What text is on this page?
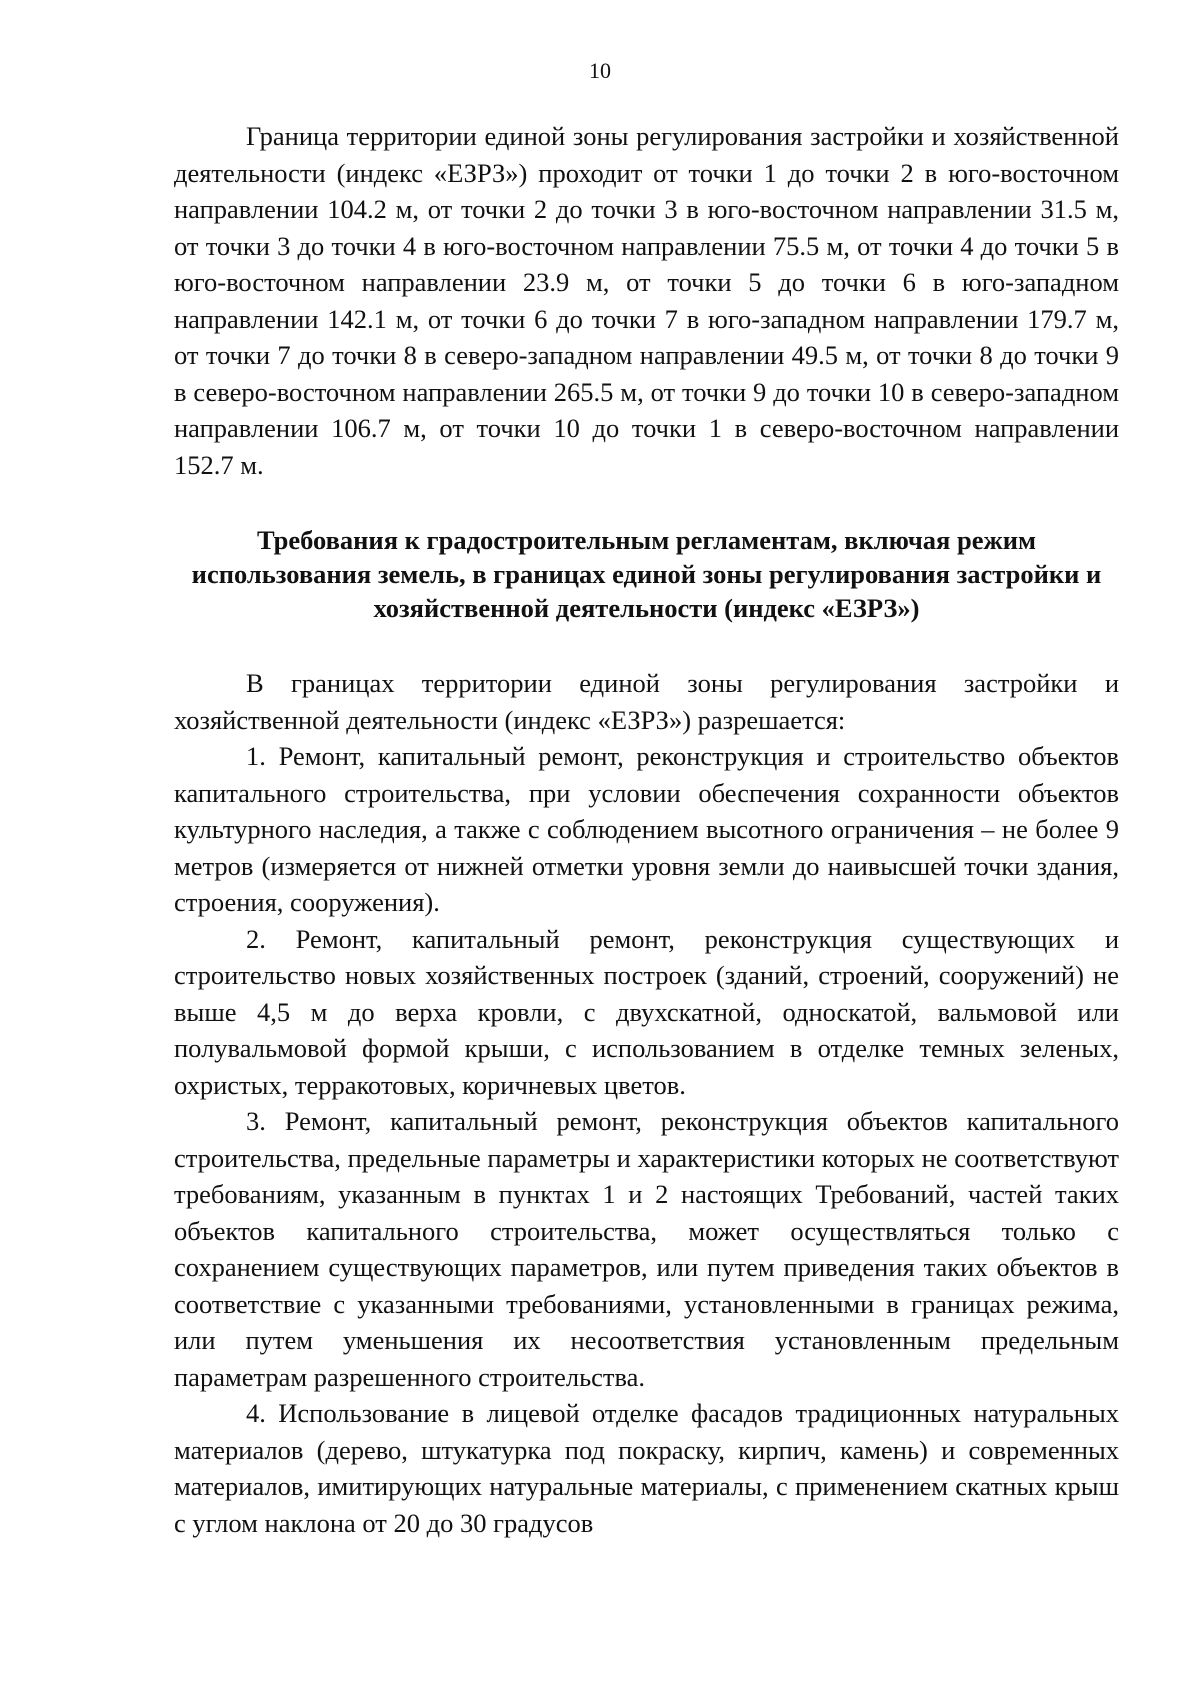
10

Граница территории единой зоны регулирования застройки и хозяйственной деятельности (индекс «ЕЗРЗ») проходит от точки 1 до точки 2 в юго-восточном направлении 104.2 м, от точки 2 до точки 3 в юго-восточном направлении 31.5 м, от точки 3 до точки 4 в юго-восточном направлении 75.5 м, от точки 4 до точки 5 в юго-восточном направлении 23.9 м, от точки 5 до точки 6 в юго-западном направлении 142.1 м, от точки 6 до точки 7 в юго-западном направлении 179.7 м, от точки 7 до точки 8 в северо-западном направлении 49.5 м, от точки 8 до точки 9 в северо-восточном направлении 265.5 м, от точки 9 до точки 10 в северо-западном направлении 106.7 м, от точки 10 до точки 1 в северо-восточном направлении 152.7 м.

Требования к градостроительным регламентам, включая режим использования земель, в границах единой зоны регулирования застройки и хозяйственной деятельности (индекс «ЕЗРЗ»)

В границах территории единой зоны регулирования застройки и хозяйственной деятельности (индекс «ЕЗРЗ») разрешается:

1. Ремонт, капитальный ремонт, реконструкция и строительство объектов капитального строительства, при условии обеспечения сохранности объектов культурного наследия, а также с соблюдением высотного ограничения – не более 9 метров (измеряется от нижней отметки уровня земли до наивысшей точки здания, строения, сооружения).

2. Ремонт, капитальный ремонт, реконструкция существующих и строительство новых хозяйственных построек (зданий, строений, сооружений) не выше 4,5 м до верха кровли, с двухскатной, односкатой, вальмовой или полувальмовой формой крыши, с использованием в отделке темных зеленых, охристых, терракотовых, коричневых цветов.

3. Ремонт, капитальный ремонт, реконструкция объектов капитального строительства, предельные параметры и характеристики которых не соответствуют требованиям, указанным в пунктах 1 и 2 настоящих Требований, частей таких объектов капитального строительства, может осуществляться только с сохранением существующих параметров, или путем приведения таких объектов в соответствие с указанными требованиями, установленными в границах режима, или путем уменьшения их несоответствия установленным предельным параметрам разрешенного строительства.

4. Использование в лицевой отделке фасадов традиционных натуральных материалов (дерево, штукатурка под покраску, кирпич, камень) и современных материалов, имитирующих натуральные материалы, с применением скатных крыш с углом наклона от 20 до 30 градусов
